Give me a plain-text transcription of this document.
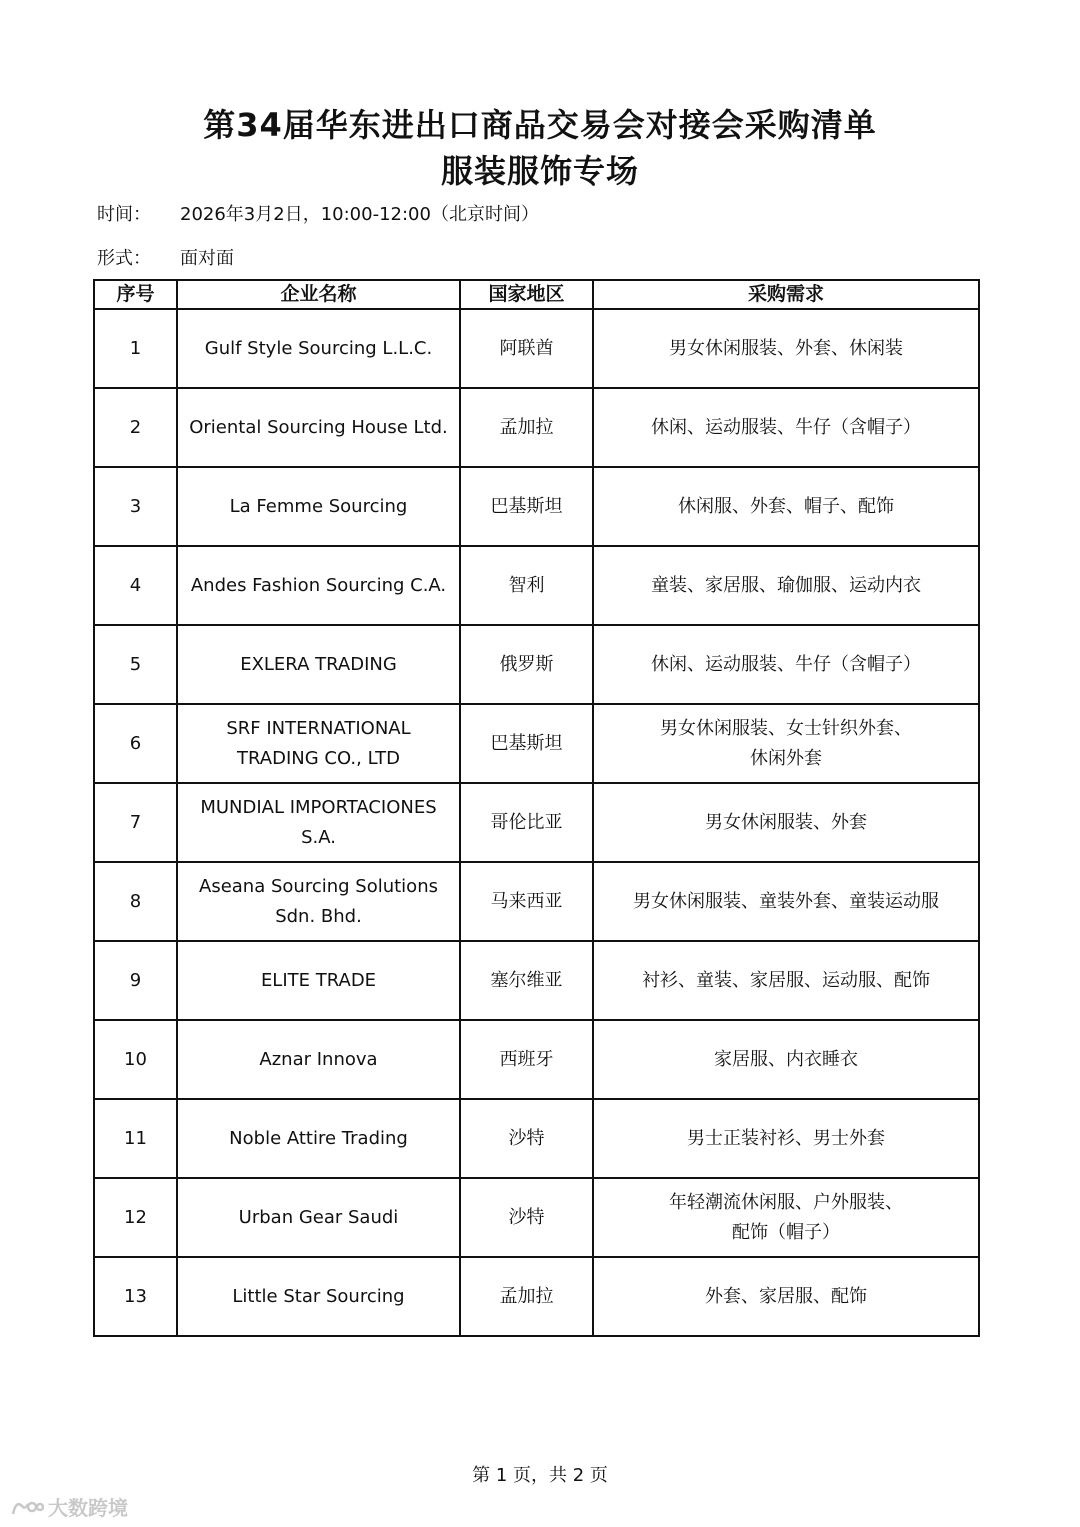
第34届华东进出口商品交易会对接会采购清单
服装服饰专场
时间： 2026年3月2日，10:00-12:00（北京时间）
形式： 面对面
序号	企业名称	国家地区	采购需求
1	Gulf Style Sourcing L.L.C.	阿联酋	男女休闲服装、外套、休闲装

2	Oriental Sourcing House Ltd.	孟加拉	休闲、运动服装、牛仔（含帽子）

3	La Femme Sourcing	巴基斯坦	休闲服、外套、帽子、配饰

4	Andes Fashion Sourcing C.A.	智利	童装、家居服、瑜伽服、运动内衣

5	EXLERA TRADING	俄罗斯	休闲、运动服装、牛仔（含帽子）

6	SRF INTERNATIONAL TRADING CO., LTD	巴基斯坦	男女休闲服装、女士针织外套、
休闲外套

7	MUNDIAL IMPORTACIONES S.A.	哥伦比亚	男女休闲服装、外套

8	Aseana Sourcing Solutions Sdn. Bhd.	马来西亚	男女休闲服装、童装外套、童装运动服

9	ELITE TRADE	塞尔维亚	衬衫、童装、家居服、运动服、配饰

10	Aznar Innova	西班牙	家居服、内衣睡衣

11	Noble Attire Trading	沙特	男士正装衬衫、男士外套

12	Urban Gear Saudi	沙特	年轻潮流休闲服、户外服装、
配饰（帽子）

13	Little Star Sourcing	孟加拉	外套、家居服、配饰
第 1 页，共 2 页
大数跨境
